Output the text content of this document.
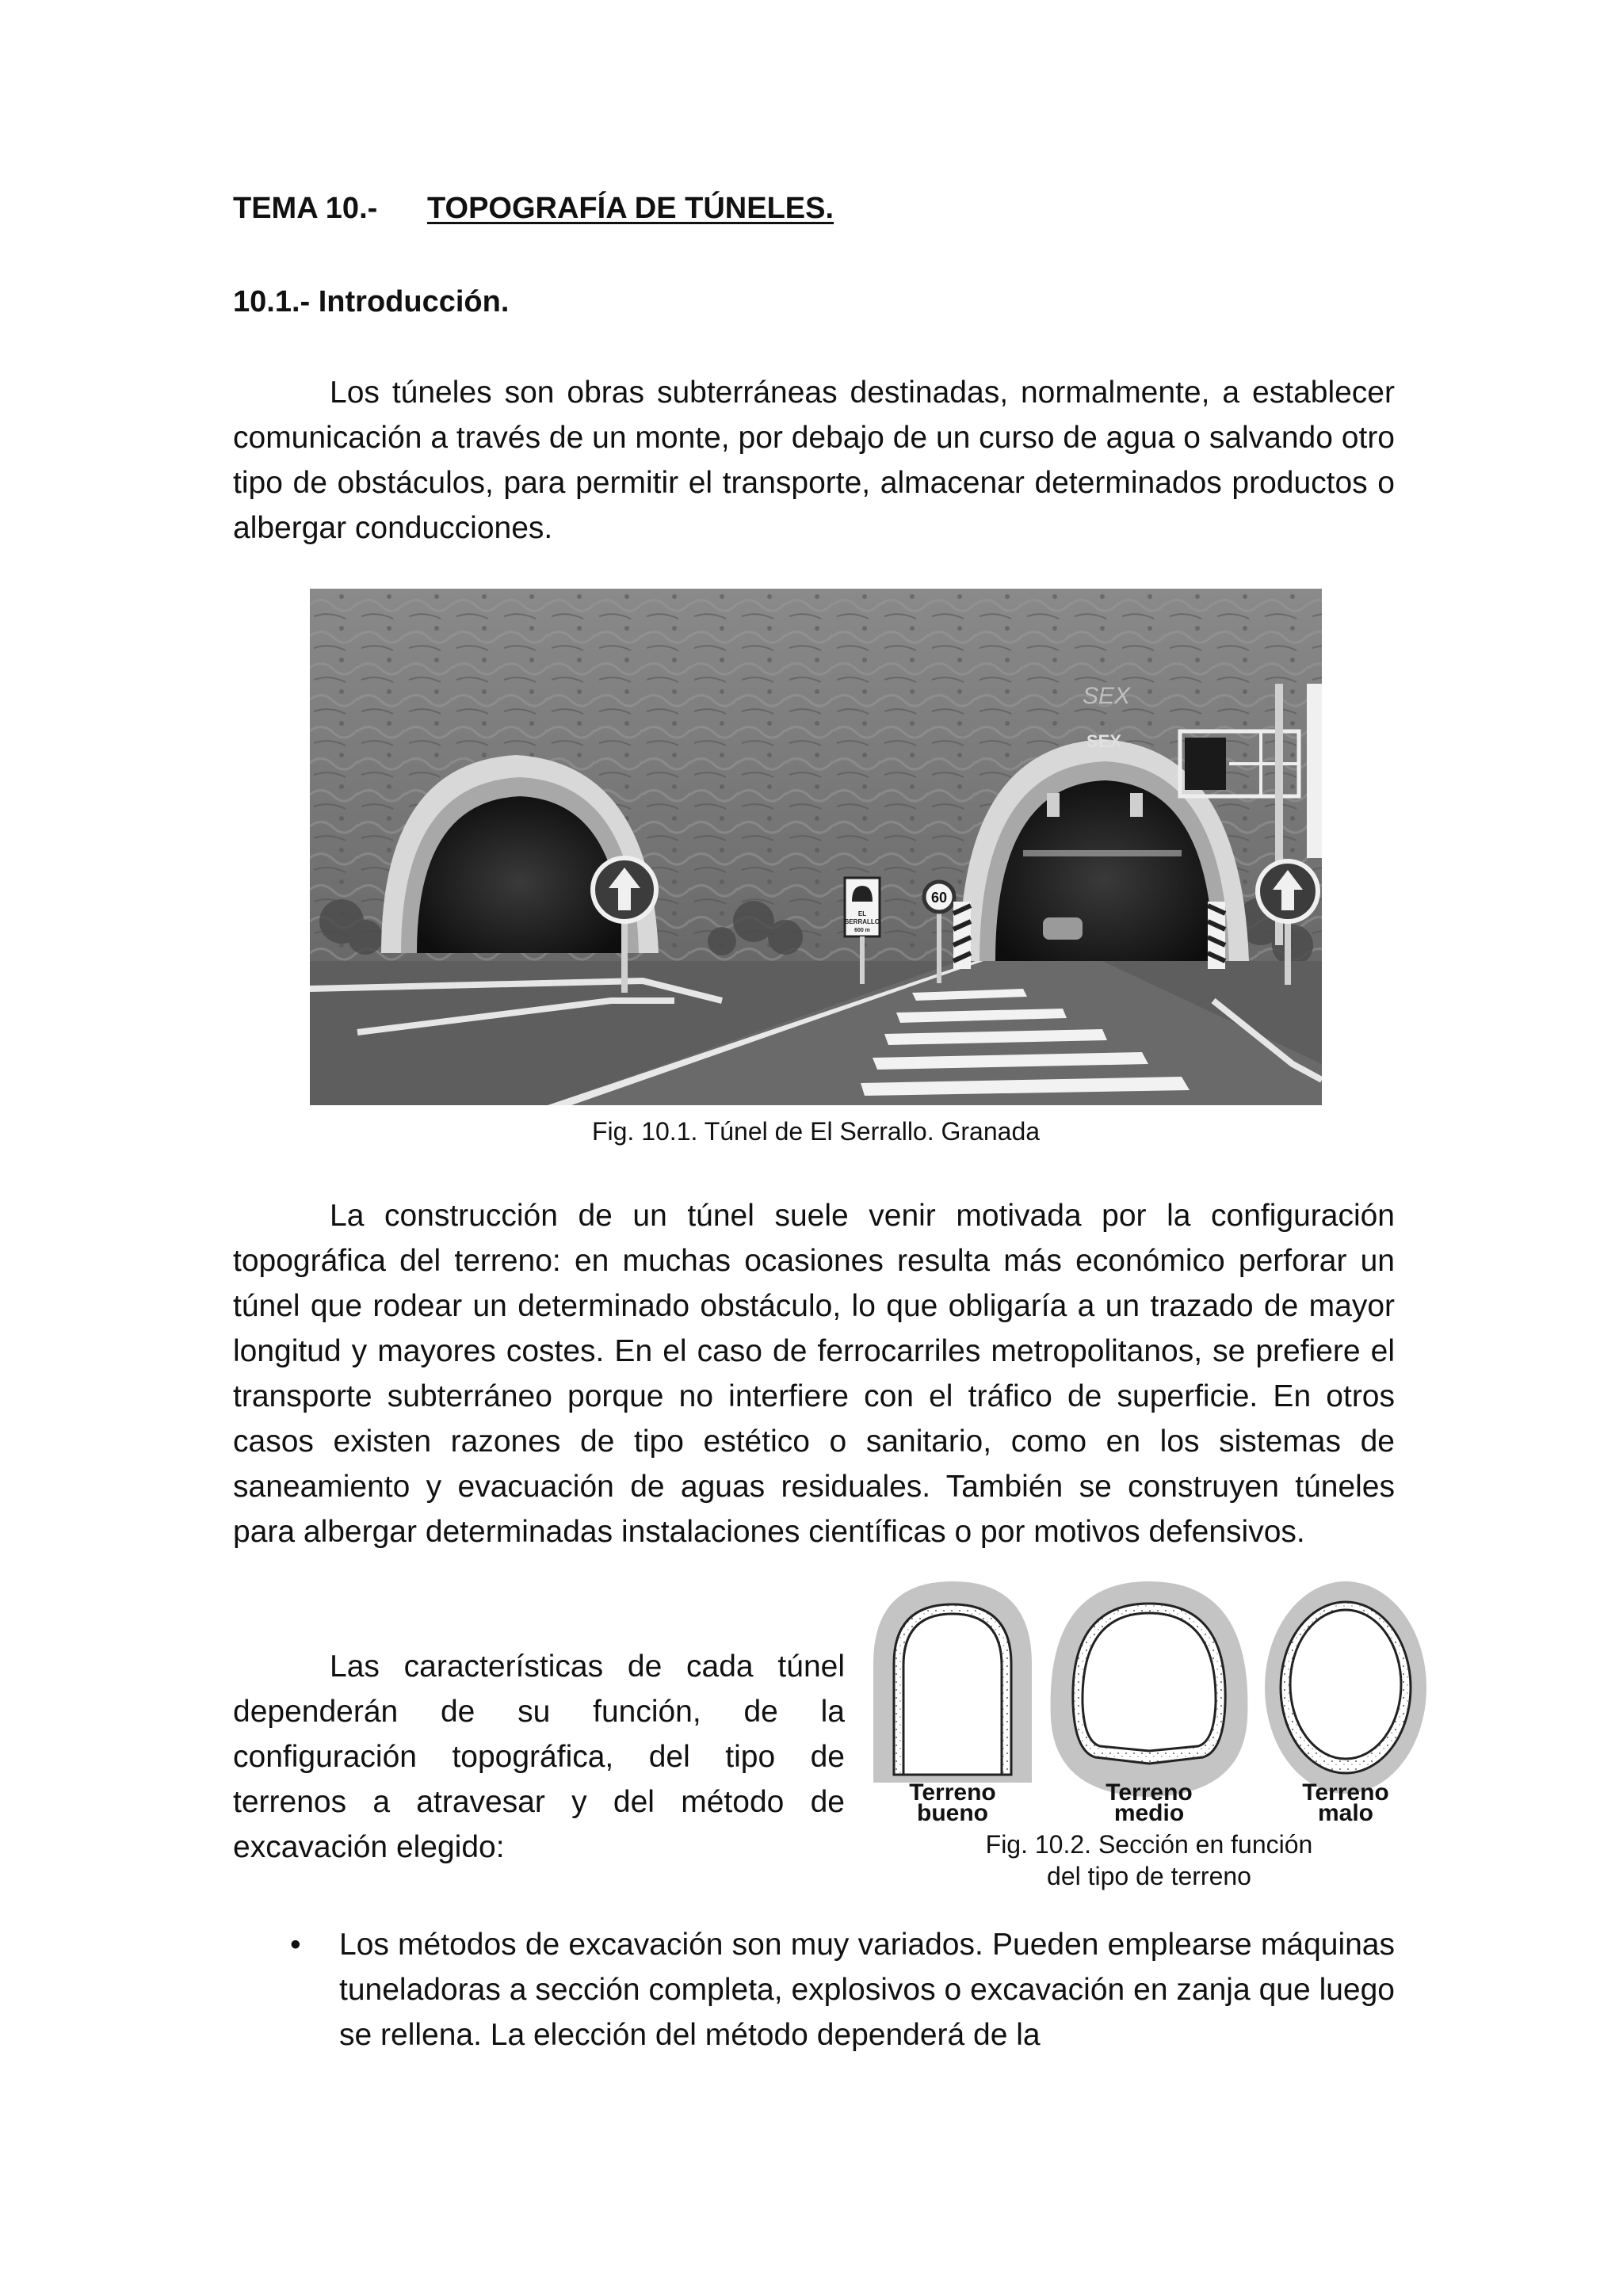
TEMA 10.- TOPOGRAFÍA DE TÚNELES.
10.1.- Introducción.

Los túneles son obras subterráneas destinadas, normalmente, a establecer comunicación a través de un monte, por debajo de un curso de agua o salvando otro tipo de obstáculos, para permitir el transporte, almacenar determinados productos o albergar conducciones.

SEX
SEX
EL
SERRALLO
600 m
60
Fig. 10.1. Túnel de El Serrallo. Granada

La construcción de un túnel suele venir motivada por la configuración topográfica del terreno: en muchas ocasiones resulta más económico perforar un túnel que rodear un determinado obstáculo, lo que obligaría a un trazado de mayor longitud y mayores costes. En el caso de ferrocarriles metropolitanos, se prefiere el transporte subterráneo porque no interfiere con el tráfico de superficie. En otros casos existen razones de tipo estético o sanitario, como en los sistemas de saneamiento y evacuación de aguas residuales. También se construyen túneles para albergar determinadas instalaciones científicas o por motivos defensivos.

Las características de cada túnel dependerán de su función, de la configuración topográfica, del tipo de terrenos a atravesar y del método de excavación elegido:

Terreno
bueno
Terreno
medio
Terreno
malo
Fig. 10.2. Sección en función
del tipo de terreno
• Los métodos de excavación son muy variados. Pueden emplearse máquinas tuneladoras a sección completa, explosivos o excavación en zanja que luego se rellena. La elección del método dependerá de la
